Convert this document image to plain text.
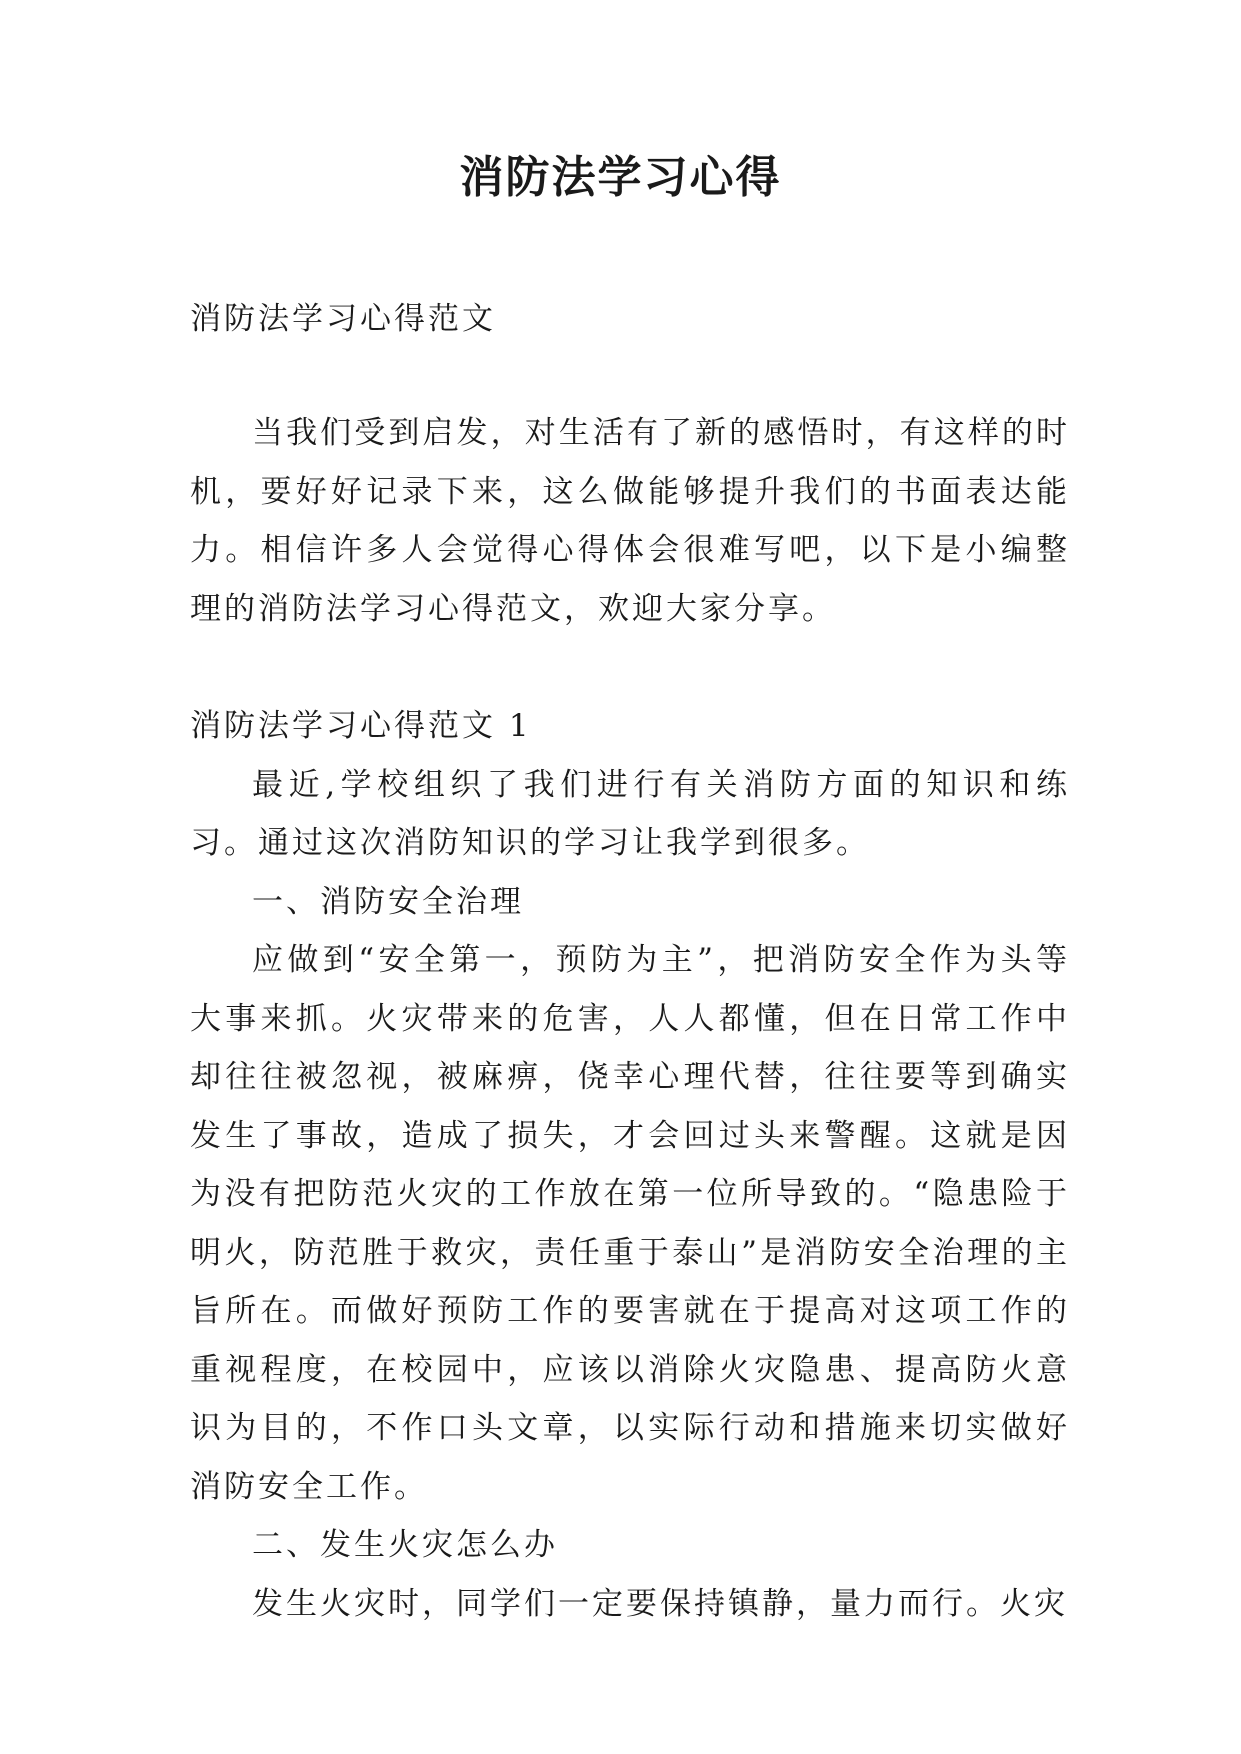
消防法学习心得
消防法学习心得范文

当我们受到启发，对生活有了新的感悟时，有这样的时机，要好好记录下来，这么做能够提升我们的书面表达能力。相信许多人会觉得心得体会很难写吧，以下是小编整理的消防法学习心得范文，欢迎大家分享。

消防法学习心得范文 1

最近,学校组织了我们进行有关消防方面的知识和练习。通过这次消防知识的学习让我学到很多。

一、消防安全治理

应做到“安全第一，预防为主”，把消防安全作为头等大事来抓。火灾带来的危害，人人都懂，但在日常工作中却往往被忽视，被麻痹，侥幸心理代替，往往要等到确实发生了事故，造成了损失，才会回过头来警醒。这就是因为没有把防范火灾的工作放在第一位所导致的。“隐患险于明火，防范胜于救灾，责任重于泰山”是消防安全治理的主旨所在。而做好预防工作的要害就在于提高对这项工作的重视程度，在校园中，应该以消除火灾隐患、提高防火意识为目的，不作口头文章，以实际行动和措施来切实做好消防安全工作。

二、发生火灾怎么办

发生火灾时，同学们一定要保持镇静，量力而行。火灾
